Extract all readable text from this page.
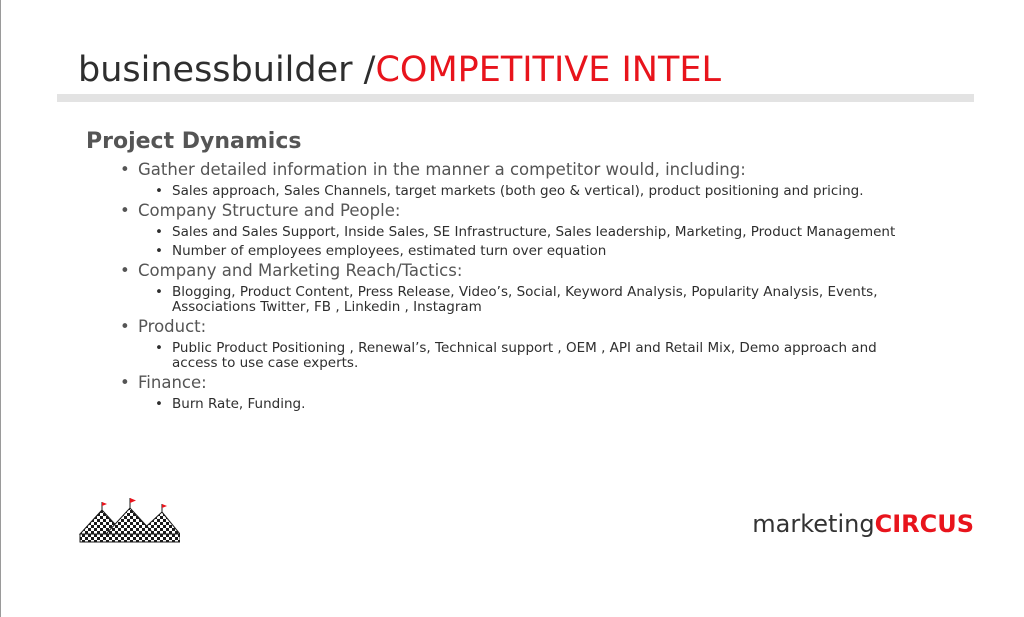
businessbuilder /COMPETITIVE INTEL
Project Dynamics
• Gather detailed information in the manner a competitor would, including:
• Sales approach, Sales Channels, target markets (both geo & vertical), product positioning and pricing.
• Company Structure and People:
• Sales and Sales Support, Inside Sales, SE Infrastructure, Sales leadership, Marketing, Product Management
• Number of employees employees, estimated turn over equation
• Company and Marketing Reach/Tactics:
• Blogging, Product Content, Press Release, Video’s, Social, Keyword Analysis, Popularity Analysis, Events, Associations Twitter, FB , Linkedin , Instagram
• Product:
• Public Product Positioning , Renewal’s, Technical support , OEM , API and Retail Mix, Demo approach and access to use case experts.
• Finance:
• Burn Rate, Funding.
marketingCIRCUS
